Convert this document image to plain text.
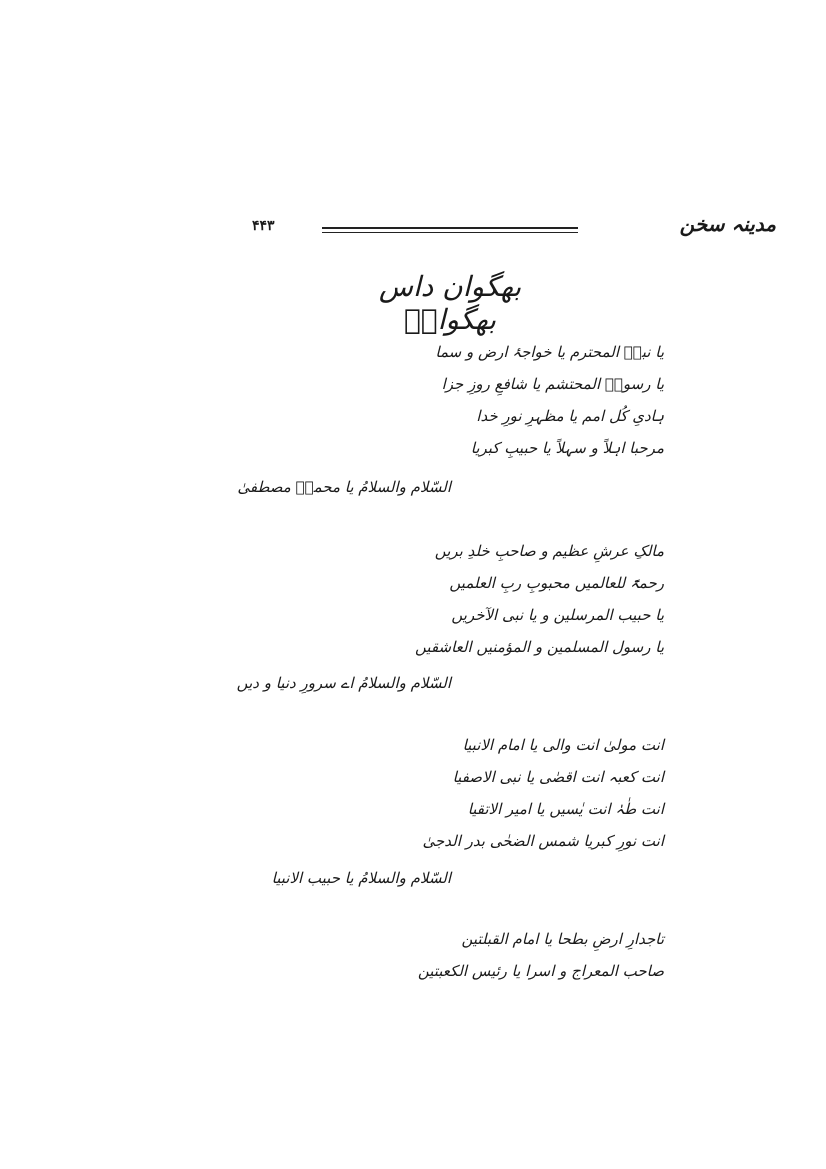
مدینہ سخن
۴۴۳
بھگوان داس بھگوانؔ
یا نبیؐ المحترم یا خواجۂ ارض و سما
یا رسولؐ المحتشم یا شافعِ روزِ جزا
ہادیِ کُل امم یا مظہرِ نورِ خدا
مرحبا اہلاً و سہلاً یا حبیبِ کبریا
السّلام والسلامُ یا محمدؐ مصطفیٰ
مالکِ عرشِ عظیم و صاحبِ خلدِ بریں
رحمۃً للعالمیں محبوبِ ربِ العلمیں
یا حبیب المرسلین و یا نبی الآخریں
یا رسول المسلمین و المؤمنیں العاشقیں
السّلام والسلامُ اے سرورِ دنیا و دیں
انت مولیٰ انت والی یا امام الانبیا
انت کعبہ انت اقصٰی یا نبی الاصفیا
انت طٰہٰ انت یٰسیں یا امیر الاتقیا
انت نورِ کبریا شمس الضحٰی بدر الدجیٰ
السّلام والسلامُ یا حبیب الانبیا
تاجدارِ ارضِ بطحا یا امام القبلتین
صاحب المعراج و اسرا یا رئیس الکعبتین
